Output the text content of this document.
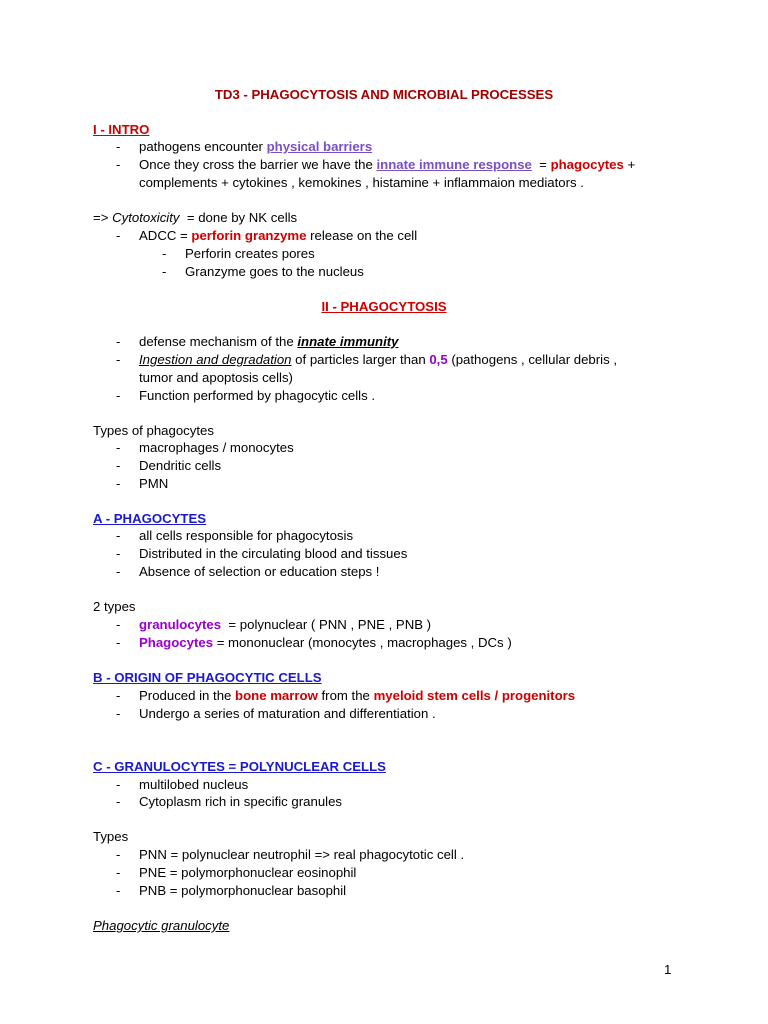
TD3 - PHAGOCYTOSIS AND MICROBIAL PROCESSES
I - INTRO
- pathogens encounter physical barriers
- Once they cross the barrier we have the innate immune response  = phagocytes +
complements + cytokines , kemokines , histamine + inflammaion mediators .
=> Cytotoxicity  = done by NK cells
- ADCC = perforin granzyme release on the cell
- Perforin creates pores
- Granzyme goes to the nucleus
II - PHAGOCYTOSIS
- defense mechanism of the innate immunity
- Ingestion and degradation of particles larger than 0,5 (pathogens , cellular debris ,
tumor and apoptosis cells)
- Function performed by phagocytic cells .
Types of phagocytes
- macrophages / monocytes
- Dendritic cells
- PMN
A - PHAGOCYTES
- all cells responsible for phagocytosis
- Distributed in the circulating blood and tissues
- Absence of selection or education steps !
2 types
- granulocytes  = polynuclear ( PNN , PNE , PNB )
- Phagocytes = mononuclear (monocytes , macrophages , DCs )
B - ORIGIN OF PHAGOCYTIC CELLS
- Produced in the bone marrow from the myeloid stem cells / progenitors
- Undergo a series of maturation and differentiation .
C - GRANULOCYTES = POLYNUCLEAR CELLS
- multilobed nucleus
- Cytoplasm rich in specific granules
Types
- PNN = polynuclear neutrophil => real phagocytotic cell .
- PNE = polymorphonuclear eosinophil
- PNB = polymorphonuclear basophil
Phagocytic granulocyte
1
